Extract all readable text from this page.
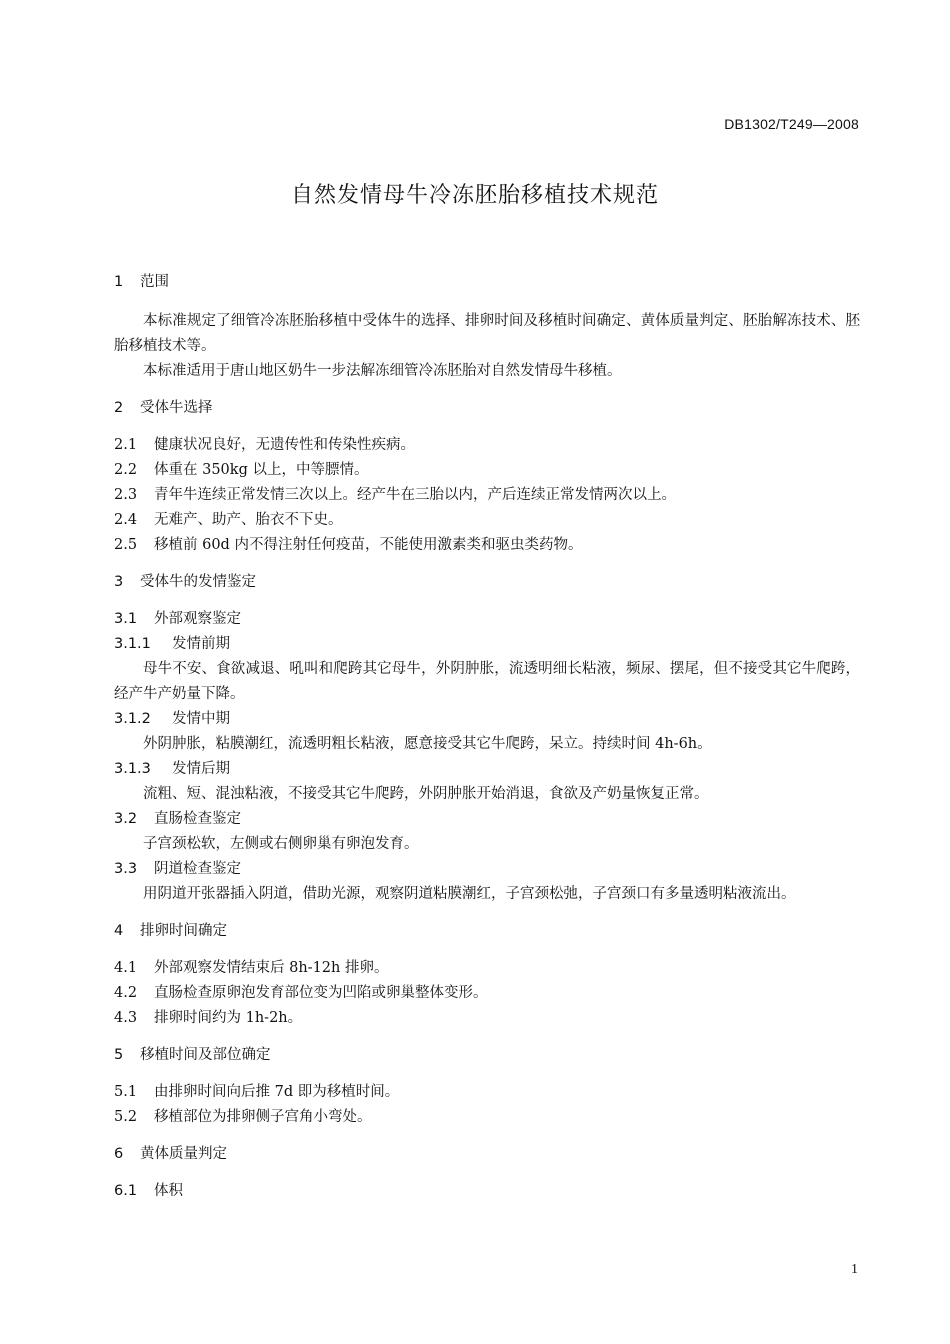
DB1302/T249—2008
自然发情母牛冷冻胚胎移植技术规范
1 范围
本标准规定了细管冷冻胚胎移植中受体牛的选择、排卵时间及移植时间确定、黄体质量判定、胚胎解冻技术、胚胎移植技术等。
本标准适用于唐山地区奶牛一步法解冻细管冷冻胚胎对自然发情母牛移植。
2 受体牛选择
2.1 健康状况良好，无遗传性和传染性疾病。
2.2 体重在 350kg 以上，中等膘情。
2.3 青年牛连续正常发情三次以上。经产牛在三胎以内，产后连续正常发情两次以上。
2.4 无难产、助产、胎衣不下史。
2.5 移植前 60d 内不得注射任何疫苗，不能使用激素类和驱虫类药物。
3 受体牛的发情鉴定
3.1 外部观察鉴定
3.1.1 发情前期
母牛不安、食欲减退、吼叫和爬跨其它母牛，外阴肿胀，流透明细长粘液，频尿、摆尾，但不接受其它牛爬跨，经产牛产奶量下降。
3.1.2 发情中期
外阴肿胀，粘膜潮红，流透明粗长粘液，愿意接受其它牛爬跨，呆立。持续时间 4h-6h。
3.1.3 发情后期
流粗、短、混浊粘液，不接受其它牛爬跨，外阴肿胀开始消退，食欲及产奶量恢复正常。
3.2 直肠检查鉴定
子宫颈松软，左侧或右侧卵巢有卵泡发育。
3.3 阴道检查鉴定
用阴道开张器插入阴道，借助光源，观察阴道粘膜潮红，子宫颈松弛，子宫颈口有多量透明粘液流出。
4 排卵时间确定
4.1 外部观察发情结束后 8h-12h 排卵。
4.2 直肠检查原卵泡发育部位变为凹陷或卵巢整体变形。
4.3 排卵时间约为 1h-2h。
5 移植时间及部位确定
5.1 由排卵时间向后推 7d 即为移植时间。
5.2 移植部位为排卵侧子宫角小弯处。
6 黄体质量判定
6.1 体积
1
